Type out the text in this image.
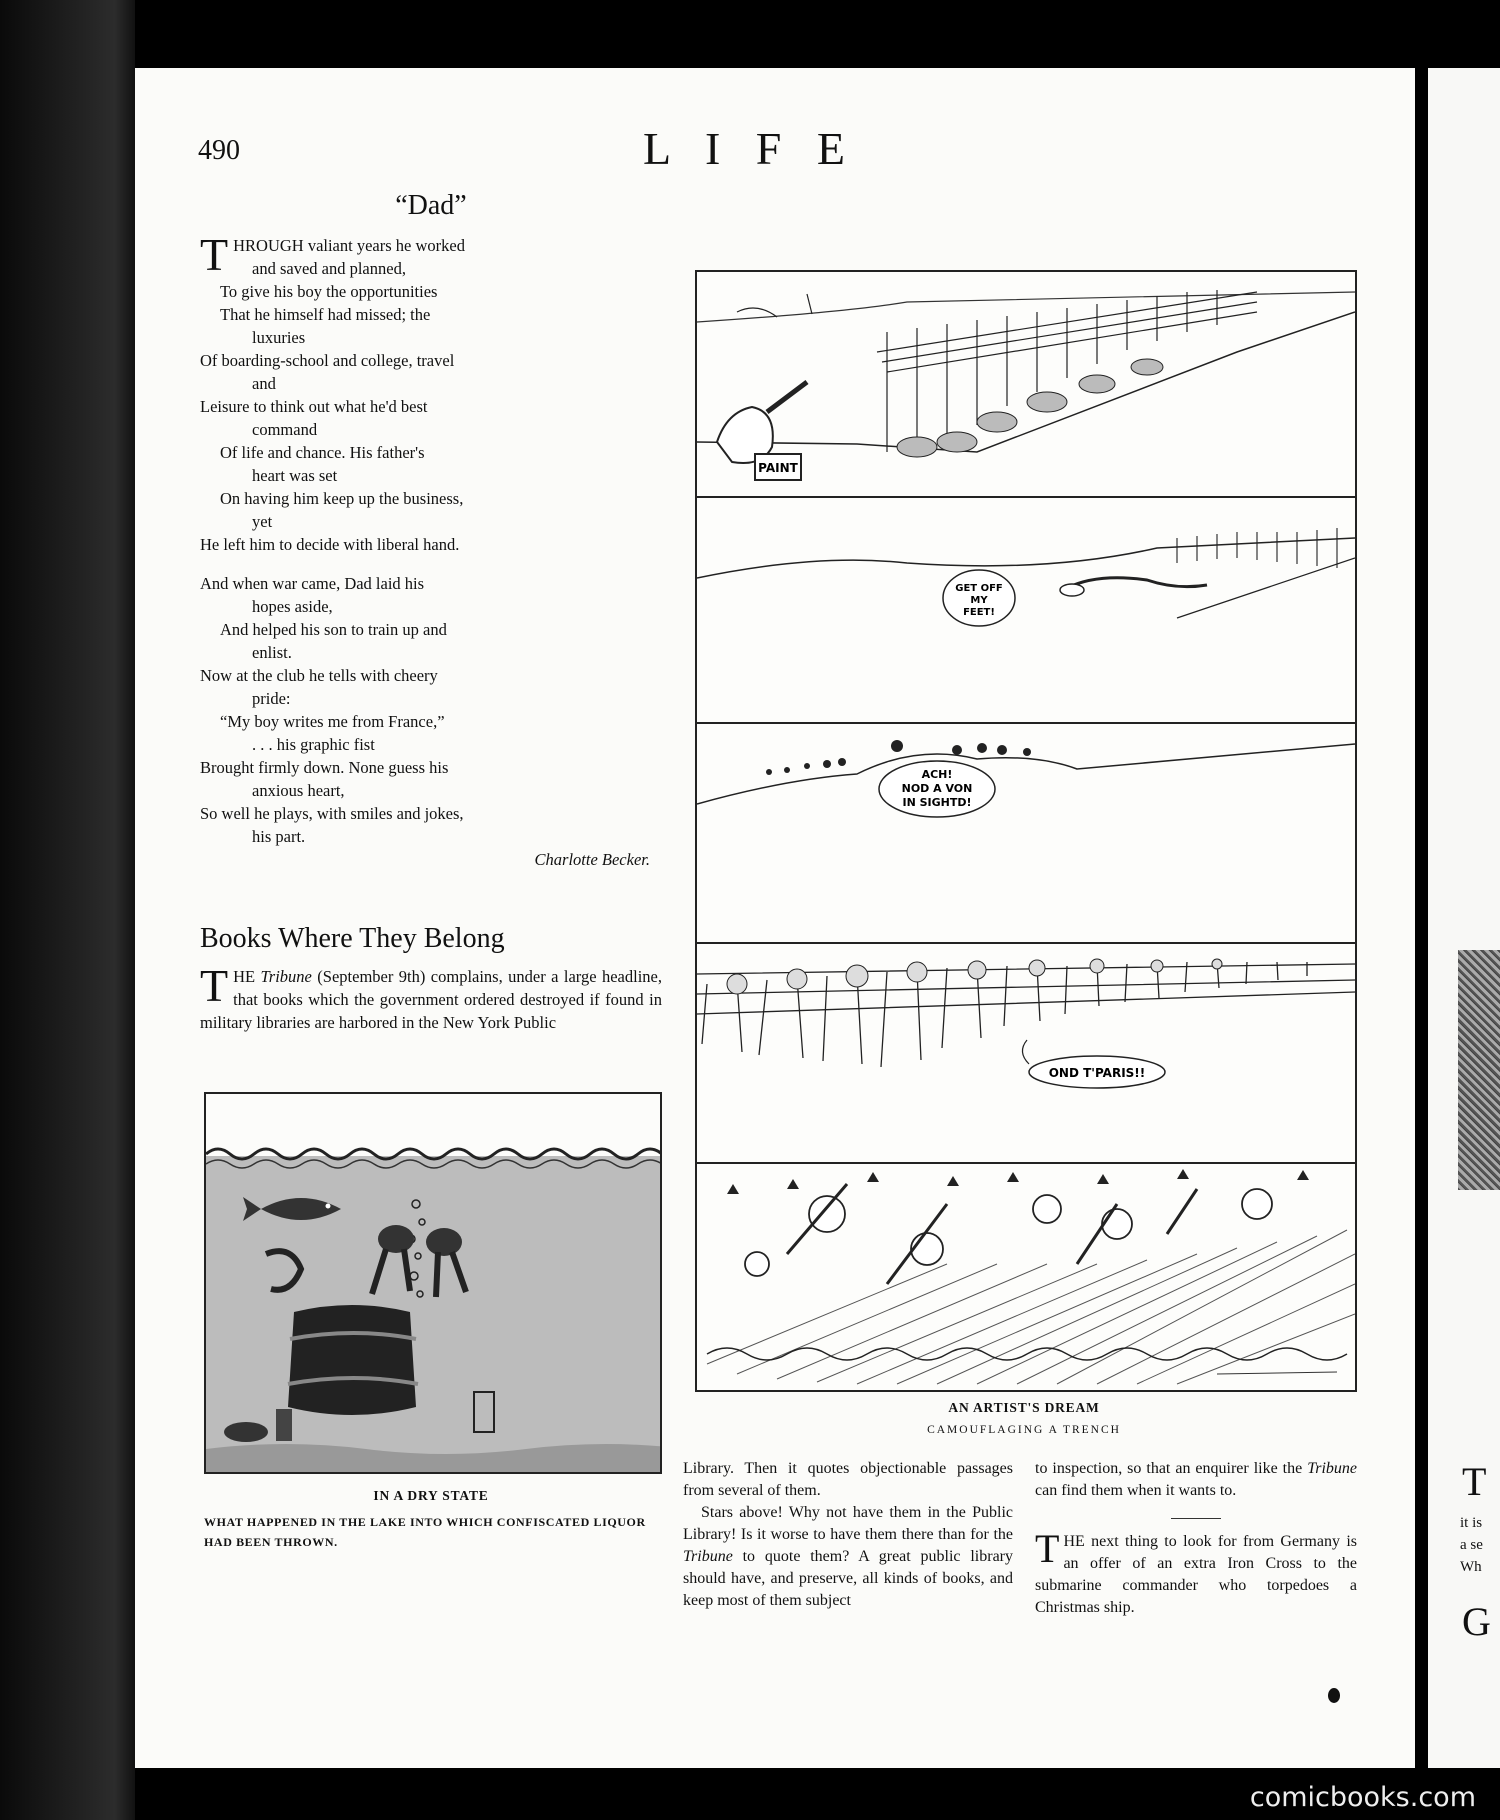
T
it is
a se
Wh
G
490	L I F E
“Dad”
T HROUGH valiant years he worked
and saved and planned,
To give his boy the opportunities
That he himself had missed; the
luxuries
Of boarding-school and college, travel
and
Leisure to think out what he'd best
command
Of life and chance. His father's
heart was set
On having him keep up the business,
yet
He left him to decide with liberal hand.
And when war came, Dad laid his
hopes aside,
And helped his son to train up and
enlist.
Now at the club he tells with cheery
pride:
“My boy writes me from France,”
. . . his graphic fist
Brought firmly down. None guess his
anxious heart,
So well he plays, with smiles and jokes,
his part.
Charlotte Becker.
Books Where They Belong

THE Tribune (September 9th) complains, under a large headline, that books which the government ordered destroyed if found in military libraries are harbored in the New York Public

IN A DRY STATE
WHAT HAPPENED IN THE LAKE INTO WHICH CONFISCATED LIQUOR HAD BEEN THROWN.
PAINT
GET OFF
MY
FEET!
ACH!
NOD A VON
IN SIGHTD!
OND T'PARIS!!
AN ARTIST'S DREAM
CAMOUFLAGING A TRENCH

Library. Then it quotes objectionable passages from several of them.

Stars above! Why not have them in the Public Library! Is it worse to have them there than for the Tribune to quote them? A great public library should have, and preserve, all kinds of books, and keep most of them subject

to inspection, so that an enquirer like the Tribune can find them when it wants to.

THE next thing to look for from Germany is an offer of an extra Iron Cross to the submarine commander who torpedoes a Christmas ship.

comicbooks.com
